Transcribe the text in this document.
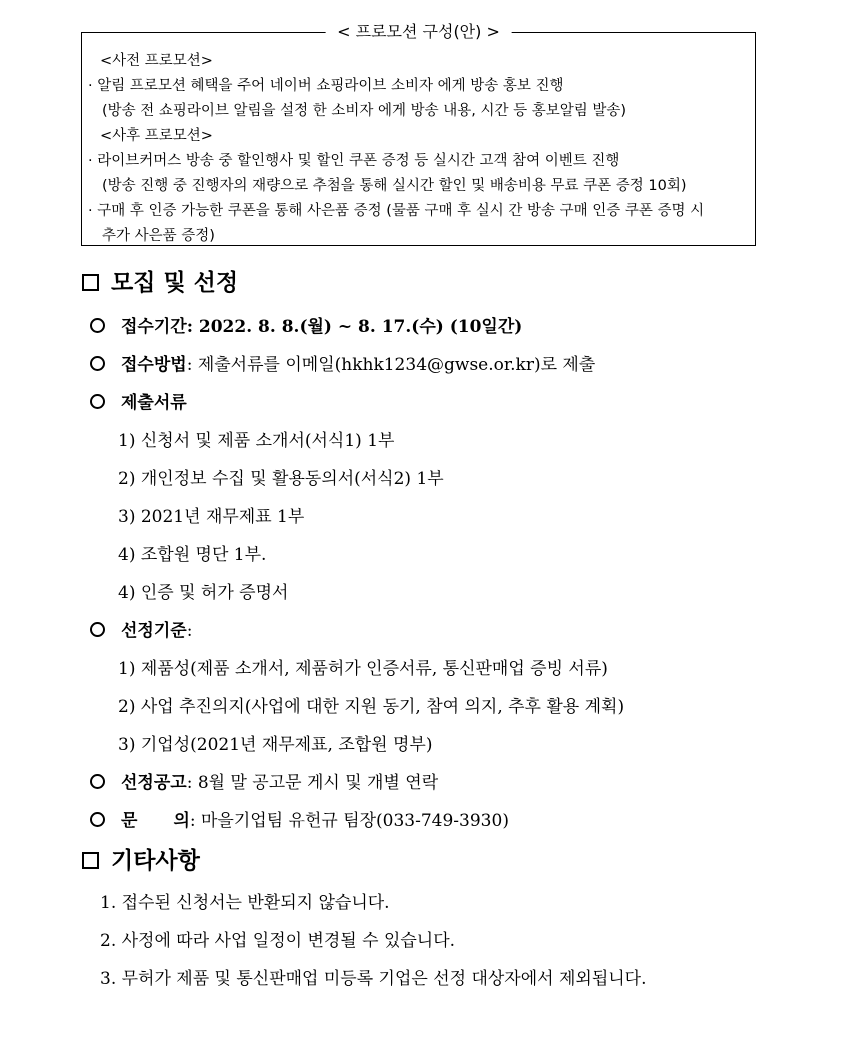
< 프로모션 구성(안) >
<사전 프로모션>
· 알림 프로모션 혜택을 주어 네이버 쇼핑라이브 소비자 에게 방송 홍보 진행
(방송 전 쇼핑라이브 알림을 설정 한 소비자 에게 방송 내용, 시간 등 홍보알림 발송)
<사후 프로모션>
· 라이브커머스 방송 중 할인행사 및 할인 쿠폰 증정 등 실시간 고객 참여 이벤트 진행
(방송 진행 중 진행자의 재량으로 추첨을 통해 실시간 할인 및 배송비용 무료 쿠폰 증정 10회)
· 구매 후 인증 가능한 쿠폰을 통해 사은품 증정 (물품 구매 후 실시 간 방송 구매 인증 쿠폰 증명 시
추가 사은품 증정)
모집 및 선정
접수기간: 2022. 8. 8.(월) ~ 8. 17.(수) (10일간)
접수방법: 제출서류를 이메일(hkhk1234@gwse.or.kr)로 제출
제출서류
1) 신청서 및 제품 소개서(서식1) 1부
2) 개인정보 수집 및 활용동의서(서식2) 1부
3) 2021년 재무제표 1부
4) 조합원 명단 1부.
4) 인증 및 허가 증명서
선정기준:
1) 제품성(제품 소개서, 제품허가 인증서류, 통신판매업 증빙 서류)
2) 사업 추진의지(사업에 대한 지원 동기, 참여 의지, 추후 활용 계획)
3) 기업성(2021년 재무제표, 조합원 명부)
선정공고: 8월 말 공고문 게시 및 개별 연락
문 의: 마을기업팀 유헌규 팀장(033-749-3930)
기타사항
1. 접수된 신청서는 반환되지 않습니다.
2. 사정에 따라 사업 일정이 변경될 수 있습니다.
3. 무허가 제품 및 통신판매업 미등록 기업은 선정 대상자에서 제외됩니다.
